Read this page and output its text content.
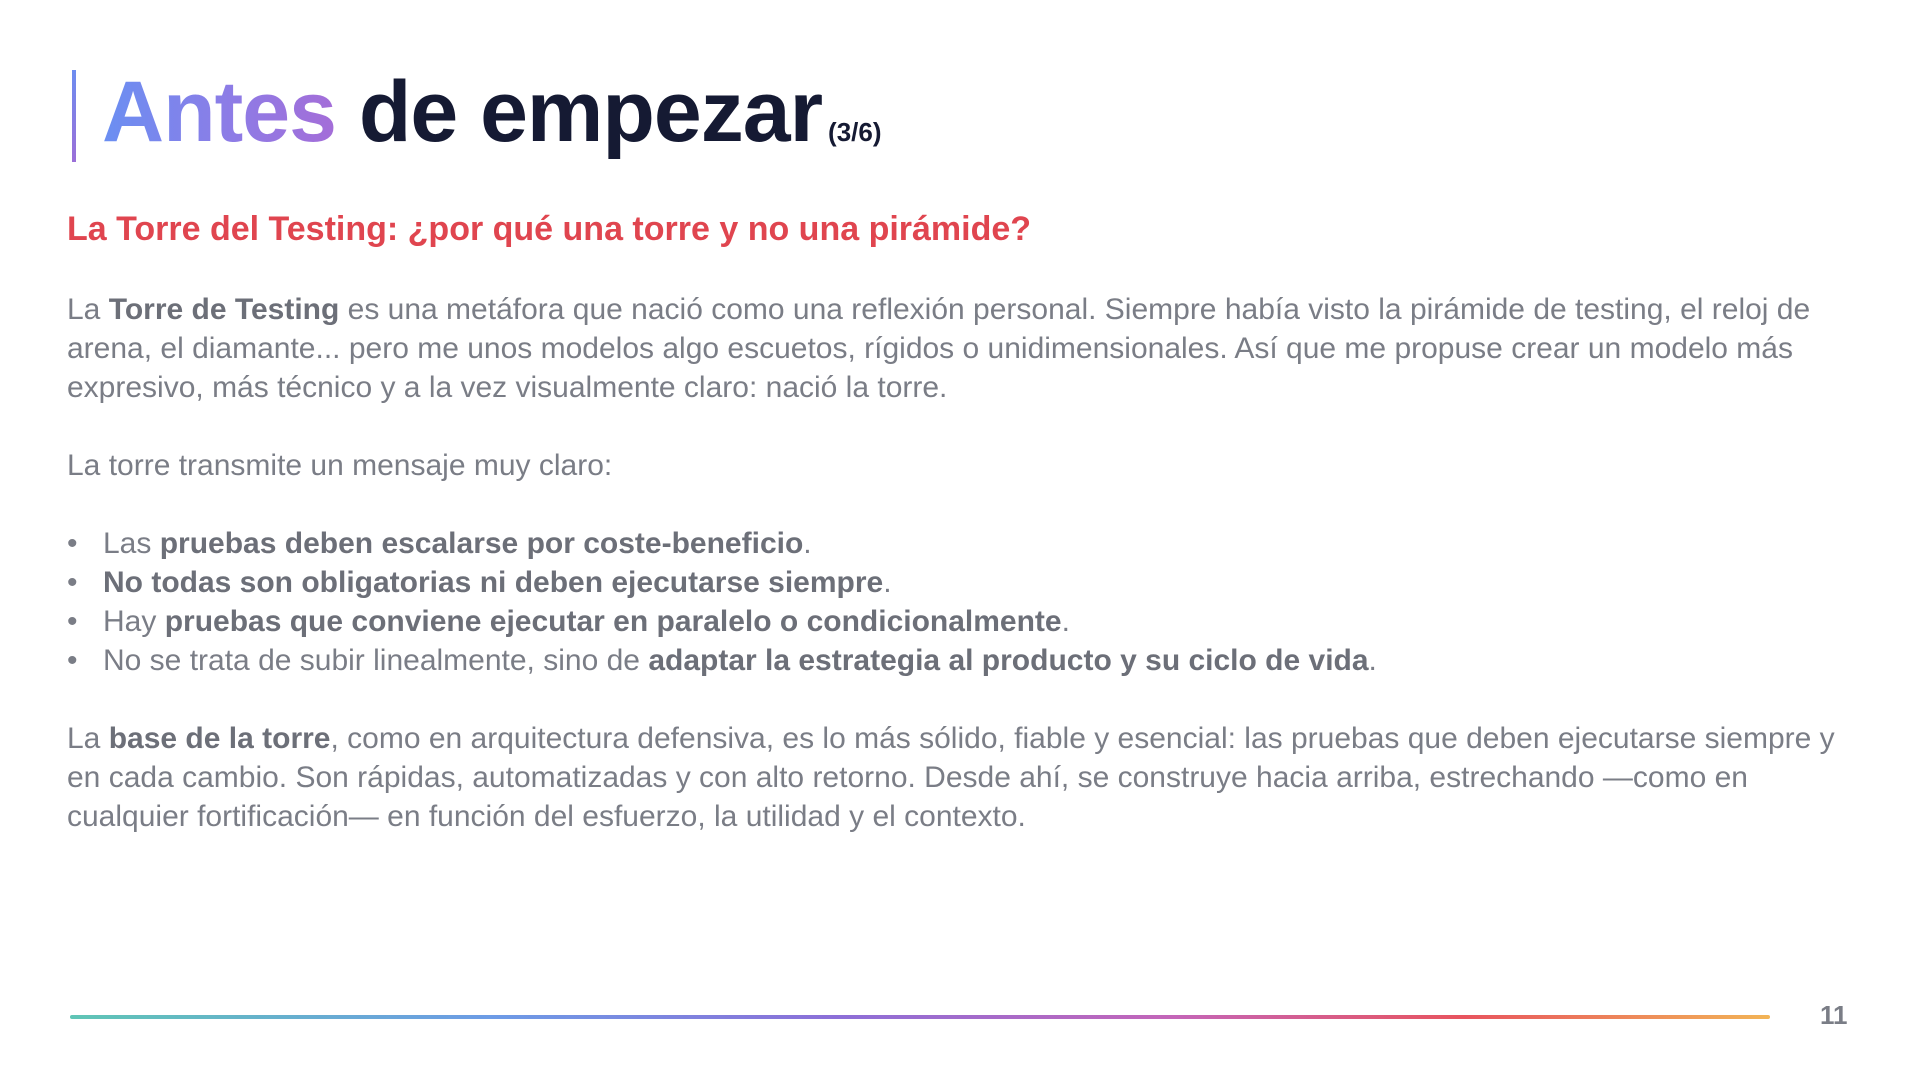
Antes de empezar (3/6)
La Torre del Testing: ¿por qué una torre y no una pirámide?

La Torre de Testing es una metáfora que nació como una reflexión personal. Siempre había visto la pirámide de testing, el reloj de arena, el diamante... pero me unos modelos algo escuetos, rígidos o unidimensionales. Así que me propuse crear un modelo más expresivo, más técnico y a la vez visualmente claro: nació la torre.

La torre transmite un mensaje muy claro:

• Las pruebas deben escalarse por coste-beneficio.
• No todas son obligatorias ni deben ejecutarse siempre.
• Hay pruebas que conviene ejecutar en paralelo o condicionalmente.
• No se trata de subir linealmente, sino de adaptar la estrategia al producto y su ciclo de vida.

La base de la torre, como en arquitectura defensiva, es lo más sólido, fiable y esencial: las pruebas que deben ejecutarse siempre y en cada cambio. Son rápidas, automatizadas y con alto retorno. Desde ahí, se construye hacia arriba, estrechando —como en cualquier fortificación— en función del esfuerzo, la utilidad y el contexto.

11
